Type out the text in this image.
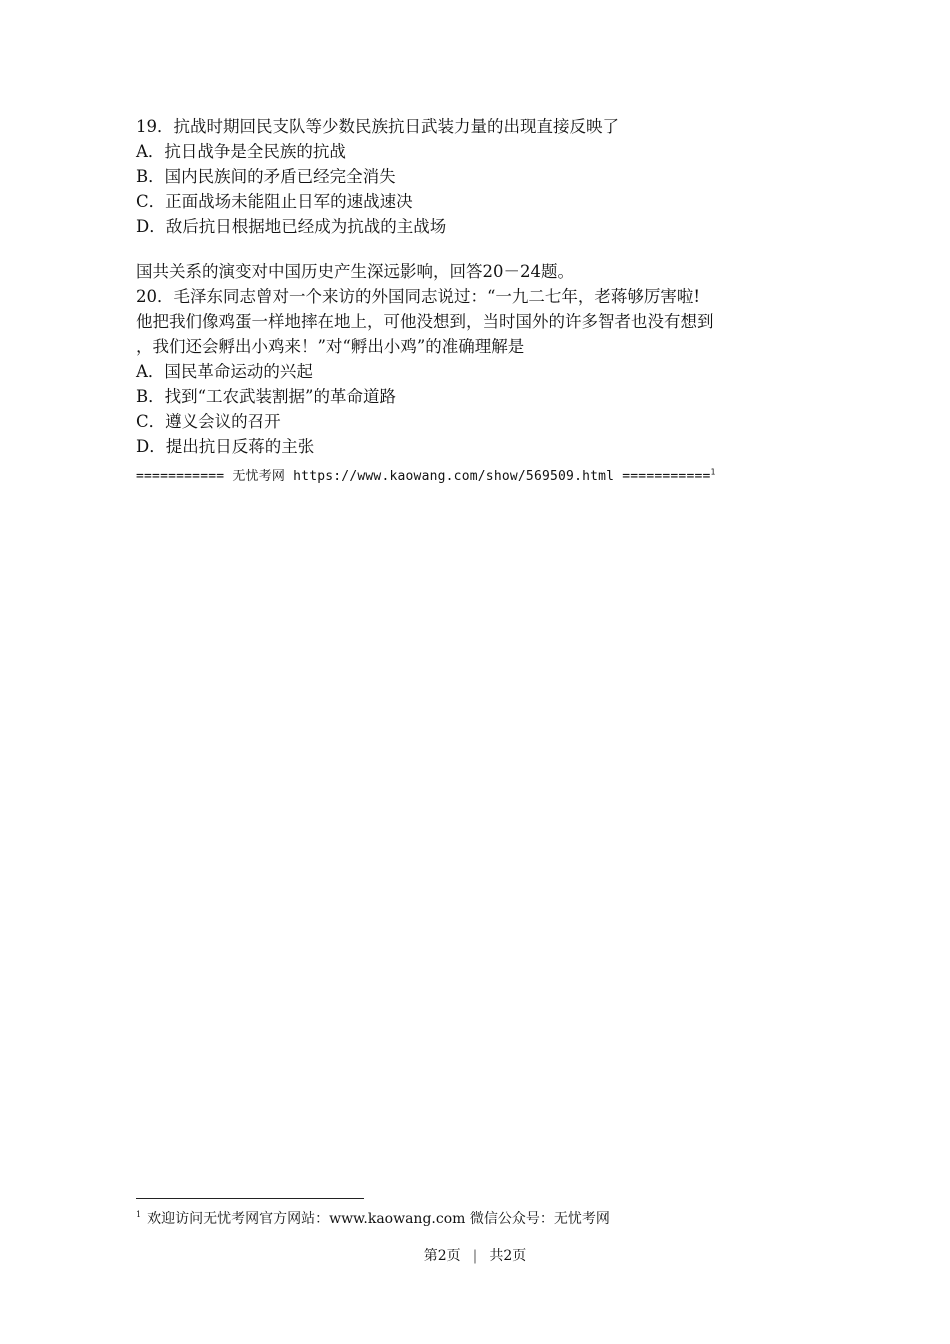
19．抗战时期回民支队等少数民族抗日武装力量的出现直接反映了
A．抗日战争是全民族的抗战
B．国内民族间的矛盾已经完全消失
C．正面战场未能阻止日军的速战速决
D．敌后抗日根据地已经成为抗战的主战场
国共关系的演变对中国历史产生深远影响，回答20－24题。
20．毛泽东同志曾对一个来访的外国同志说过：“一九二七年，老蒋够厉害啦!
他把我们像鸡蛋一样地摔在地上，可他没想到，当时国外的许多智者也没有想到
，我们还会孵出小鸡来！”对“孵出小鸡”的准确理解是
A．国民革命运动的兴起
B．找到“工农武装割据”的革命道路
C．遵义会议的召开
D．提出抗日反蒋的主张
=========== 无忧考网 https://www.kaowang.com/show/569509.html ===========$^1$
$^1$ 欢迎访问无忧考网官方网站：www.kaowang.com 微信公众号：无忧考网
第2页 | 共2页
